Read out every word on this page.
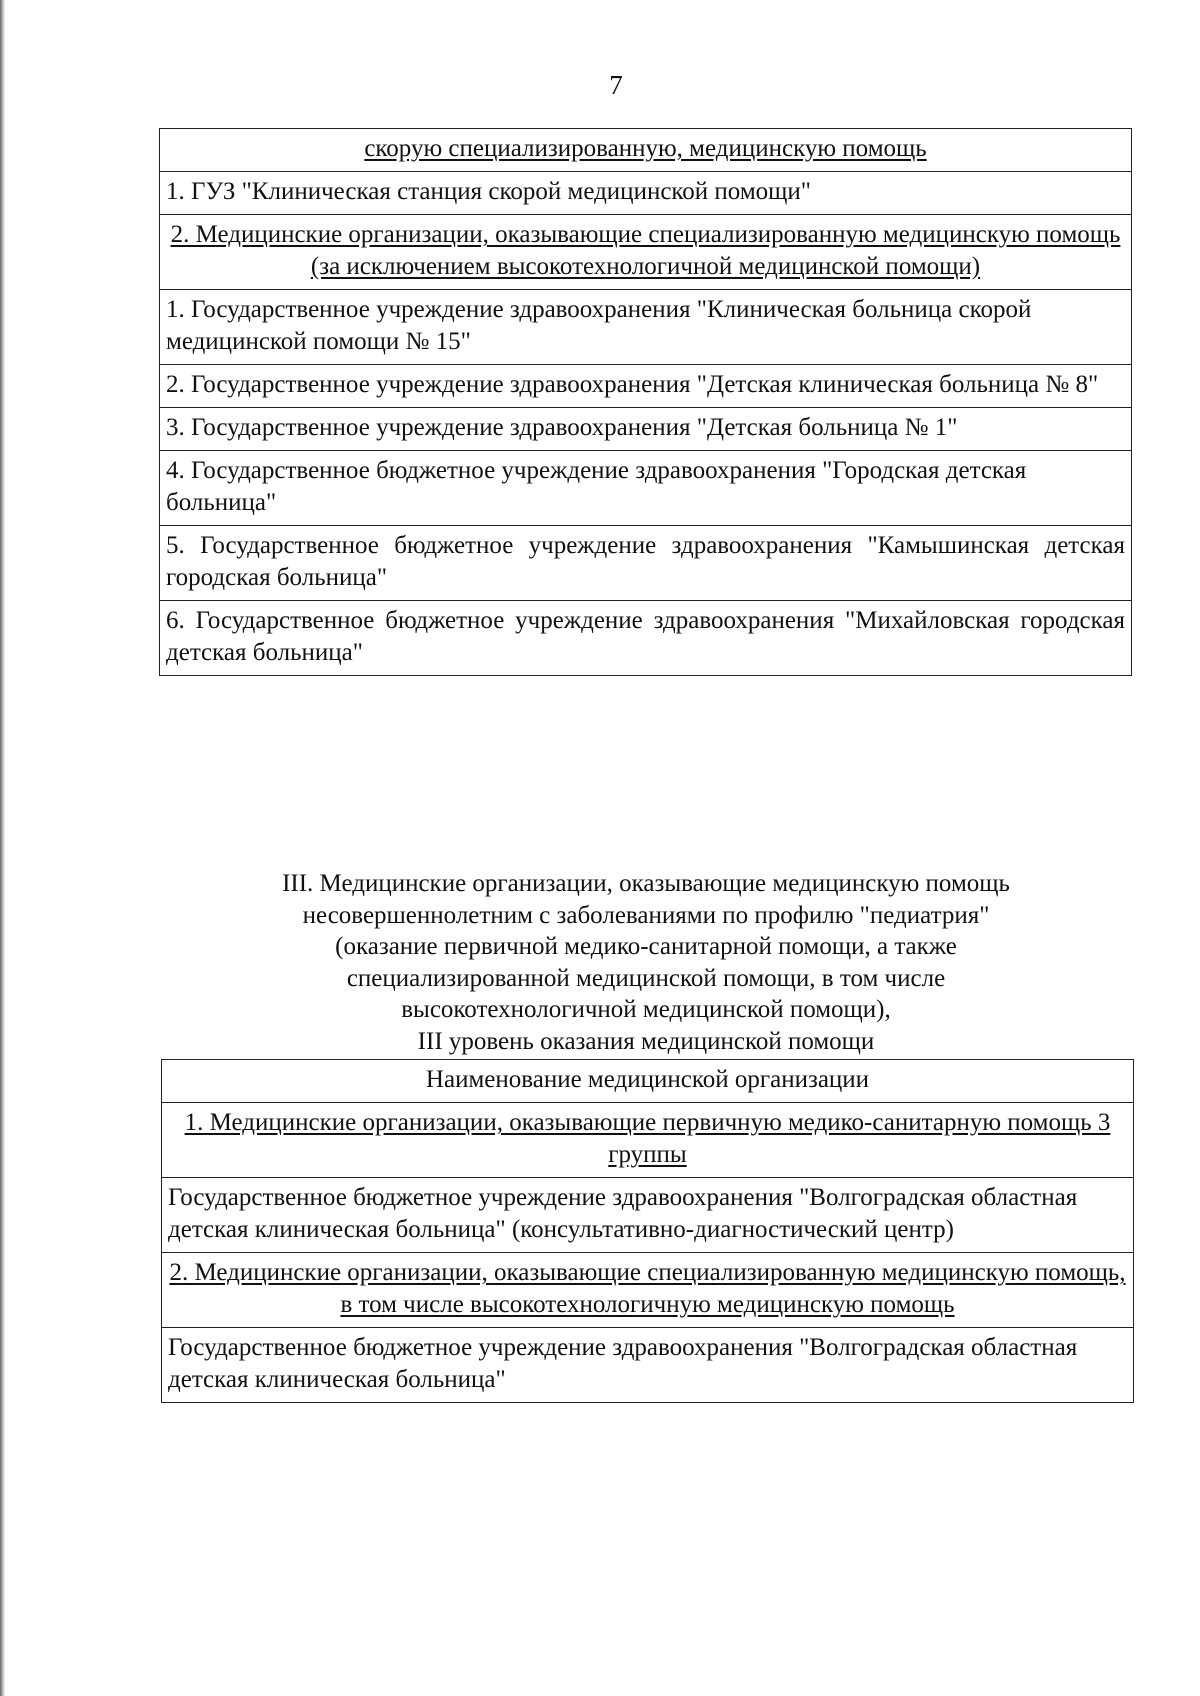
7
скорую специализированную, медицинскую помощь
1. ГУЗ "Клиническая станция скорой медицинской помощи"
2. Медицинские организации, оказывающие специализированную медицинскую помощь (за исключением высокотехнологичной медицинской помощи)
1. Государственное учреждение здравоохранения "Клиническая больница скорой медицинской помощи № 15"
2. Государственное учреждение здравоохранения "Детская клиническая больница № 8"
3. Государственное учреждение здравоохранения "Детская больница № 1"
4. Государственное бюджетное учреждение здравоохранения "Городская детская больница"
5. Государственное бюджетное учреждение здравоохранения "Камышинская детская городская больница"
6. Государственное бюджетное учреждение здравоохранения "Михайловская городская детская больница"
III. Медицинские организации, оказывающие медицинскую помощь
несовершеннолетним с заболеваниями по профилю "педиатрия"
(оказание первичной медико-санитарной помощи, а также
специализированной медицинской помощи, в том числе
высокотехнологичной медицинской помощи),
III уровень оказания медицинской помощи
Наименование медицинской организации
1. Медицинские организации, оказывающие первичную медико-санитарную помощь 3 группы
Государственное бюджетное учреждение здравоохранения "Волгоградская областная детская клиническая больница" (консультативно-диагностический центр)
2. Медицинские организации, оказывающие специализированную медицинскую помощь, в том числе высокотехнологичную медицинскую помощь
Государственное бюджетное учреждение здравоохранения "Волгоградская областная детская клиническая больница"
